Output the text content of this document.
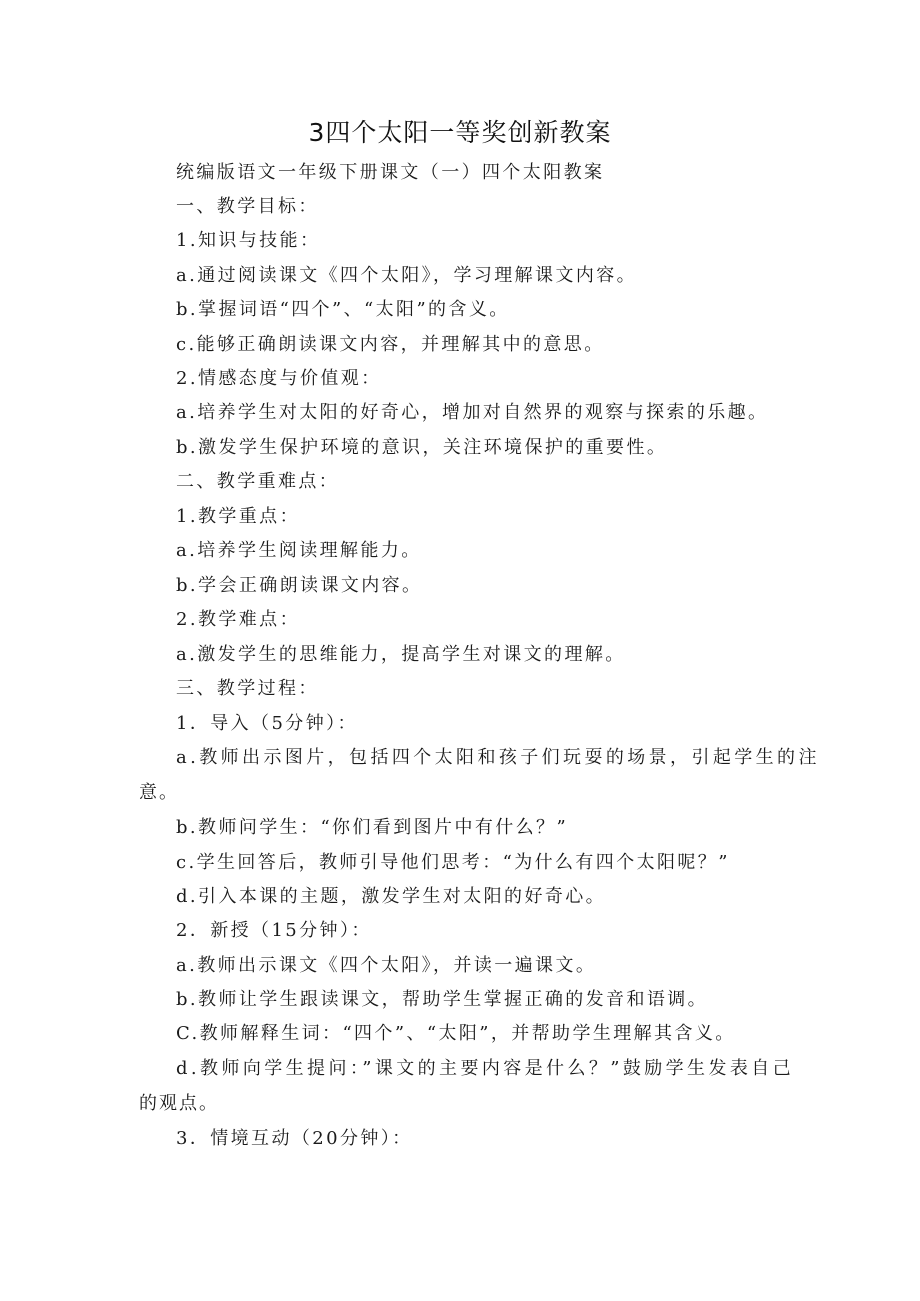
3四个太阳一等奖创新教案
统编版语文一年级下册课文（一）四个太阳教案
一、教学目标：
1.知识与技能：
a.通过阅读课文《四个太阳》，学习理解课文内容。
b.掌握词语“四个”、“太阳”的含义。
c.能够正确朗读课文内容，并理解其中的意思。
2.情感态度与价值观：
a.培养学生对太阳的好奇心，增加对自然界的观察与探索的乐趣。
b.激发学生保护环境的意识，关注环境保护的重要性。
二、教学重难点：
1.教学重点：
a.培养学生阅读理解能力。
b.学会正确朗读课文内容。
2.教学难点：
a.激发学生的思维能力，提高学生对课文的理解。
三、教学过程：
1．导入（5分钟）：
a.教师出示图片，包括四个太阳和孩子们玩耍的场景，引起学生的注
意。
b.教师问学生：“你们看到图片中有什么？”
c.学生回答后，教师引导他们思考：“为什么有四个太阳呢？”
d.引入本课的主题，激发学生对太阳的好奇心。
2．新授（15分钟）：
a.教师出示课文《四个太阳》，并读一遍课文。
b.教师让学生跟读课文，帮助学生掌握正确的发音和语调。
C.教师解释生词：“四个”、“太阳”，并帮助学生理解其含义。
d.教师向学生提问：”课文的主要内容是什么？”鼓励学生发表自己
的观点。
3．情境互动（20分钟）：
